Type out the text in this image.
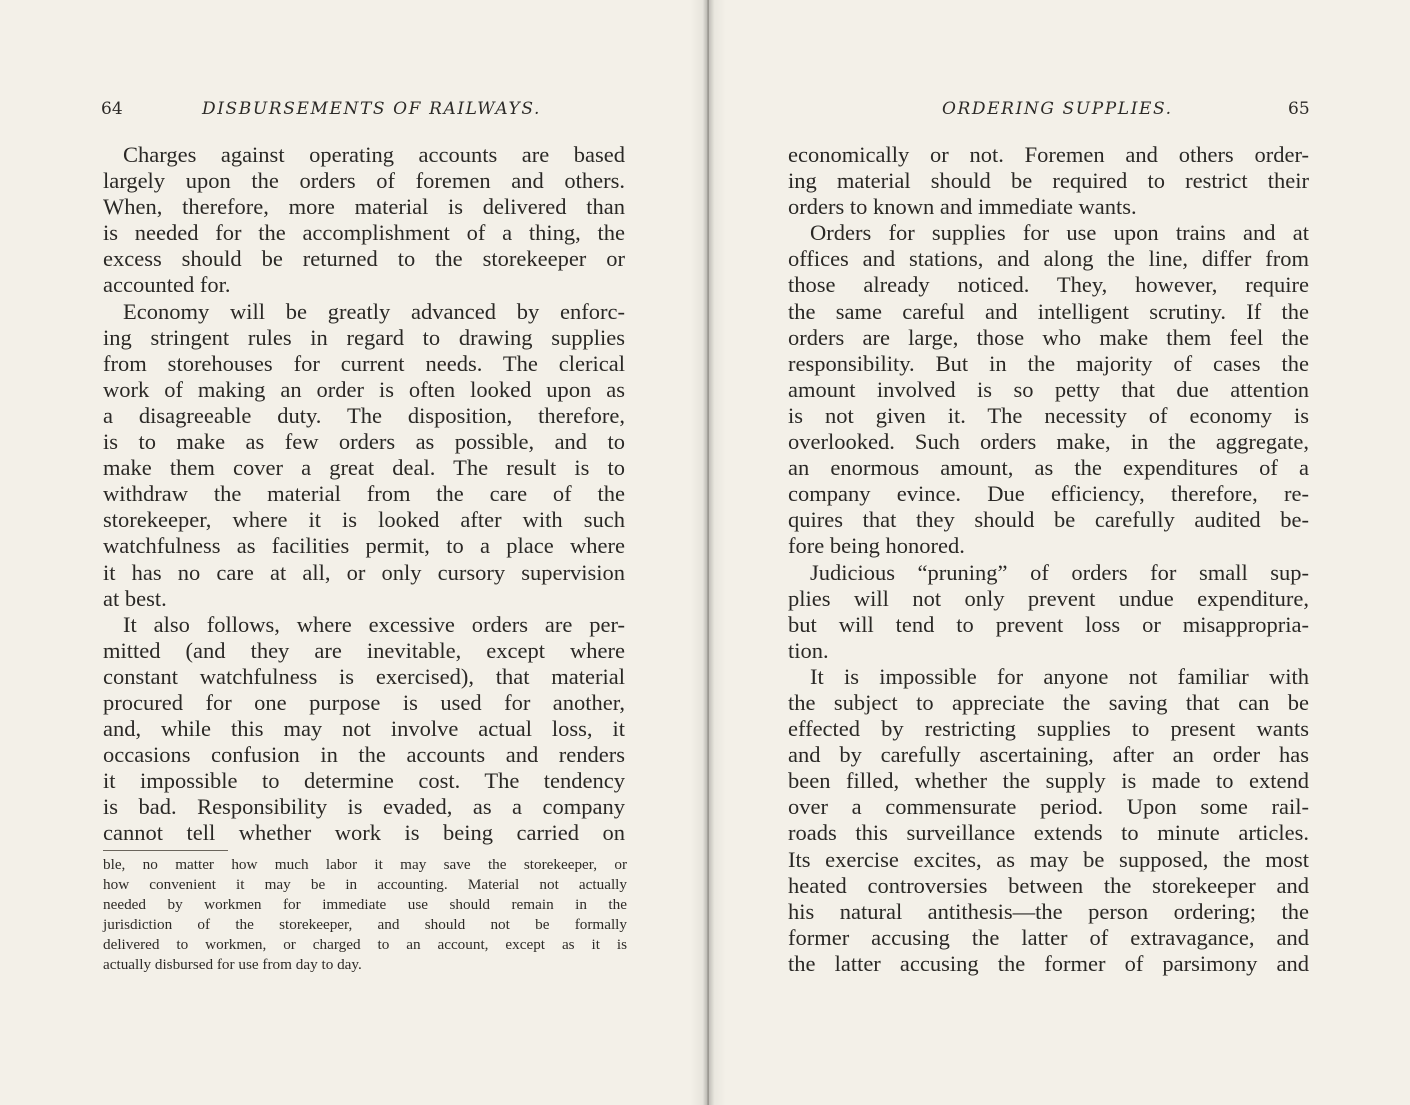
64	DISBURSEMENTS OF RAILWAYS.
Charges against operating accounts are based
largely upon the orders of foremen and others.
When, therefore, more material is delivered than
is needed for the accomplishment of a thing, the
excess should be returned to the storekeeper or
accounted for.
Economy will be greatly advanced by enforc-
ing stringent rules in regard to drawing supplies
from storehouses for current needs. The clerical
work of making an order is often looked upon as
a disagreeable duty. The disposition, therefore,
is to make as few orders as possible, and to
make them cover a great deal. The result is to
withdraw the material from the care of the
storekeeper, where it is looked after with such
watchfulness as facilities permit, to a place where
it has no care at all, or only cursory supervision
at best.
It also follows, where excessive orders are per-
mitted (and they are inevitable, except where
constant watchfulness is exercised), that material
procured for one purpose is used for another,
and, while this may not involve actual loss, it
occasions confusion in the accounts and renders
it impossible to determine cost. The tendency
is bad. Responsibility is evaded, as a company
cannot tell whether work is being carried on
ble, no matter how much labor it may save the storekeeper, or
how convenient it may be in accounting. Material not actually
needed by workmen for immediate use should remain in the
jurisdiction of the storekeeper, and should not be formally
delivered to workmen, or charged to an account, except as it is
actually disbursed for use from day to day.
ORDERING SUPPLIES.	65
economically or not. Foremen and others order-
ing material should be required to restrict their
orders to known and immediate wants.
Orders for supplies for use upon trains and at
offices and stations, and along the line, differ from
those already noticed. They, however, require
the same careful and intelligent scrutiny. If the
orders are large, those who make them feel the
responsibility. But in the majority of cases the
amount involved is so petty that due attention
is not given it. The necessity of economy is
overlooked. Such orders make, in the aggregate,
an enormous amount, as the expenditures of a
company evince. Due efficiency, therefore, re-
quires that they should be carefully audited be-
fore being honored.
Judicious “pruning” of orders for small sup-
plies will not only prevent undue expenditure,
but will tend to prevent loss or misappropria-
tion.
It is impossible for anyone not familiar with
the subject to appreciate the saving that can be
effected by restricting supplies to present wants
and by carefully ascertaining, after an order has
been filled, whether the supply is made to extend
over a commensurate period. Upon some rail-
roads this surveillance extends to minute articles.
Its exercise excites, as may be supposed, the most
heated controversies between the storekeeper and
his natural antithesis—the person ordering; the
former accusing the latter of extravagance, and
the latter accusing the former of parsimony and
